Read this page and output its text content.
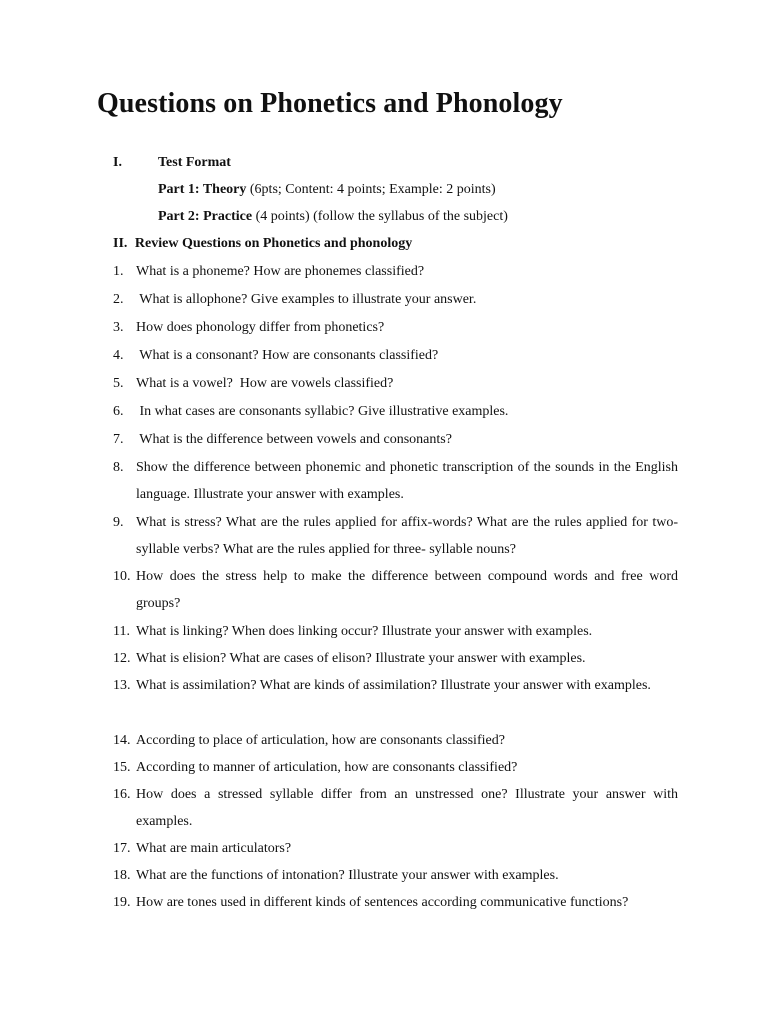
Questions on Phonetics and Phonology
I.	Test Format
Part 1: Theory (6pts; Content: 4 points; Example: 2 points)
Part 2: Practice (4 points) (follow the syllabus of the subject)
II. Review Questions on Phonetics and phonology
1. What is a phoneme? How are phonemes classified?
2. What is allophone? Give examples to illustrate your answer.
3. How does phonology differ from phonetics?
4. What is a consonant? How are consonants classified?
5. What is a vowel?  How are vowels classified?
6. In what cases are consonants syllabic? Give illustrative examples.
7. What is the difference between vowels and consonants?
8. Show the difference between phonemic and phonetic transcription of the sounds in the English language. Illustrate your answer with examples.
9. What is stress? What are the rules applied for affix-words? What are the rules applied for two- syllable verbs? What are the rules applied for three- syllable nouns?
10. How does the stress help to make the difference between compound words and free word groups?
11. What is linking? When does linking occur? Illustrate your answer with examples.
12. What is elision? What are cases of elison? Illustrate your answer with examples.
13. What is assimilation? What are kinds of assimilation? Illustrate your answer with examples.
14. According to place of articulation, how are consonants classified?
15. According to manner of articulation, how are consonants classified?
16. How does a stressed syllable differ from an unstressed one? Illustrate your answer with examples.
17. What are main articulators?
18. What are the functions of intonation? Illustrate your answer with examples.
19. How are tones used in different kinds of sentences according communicative functions?
